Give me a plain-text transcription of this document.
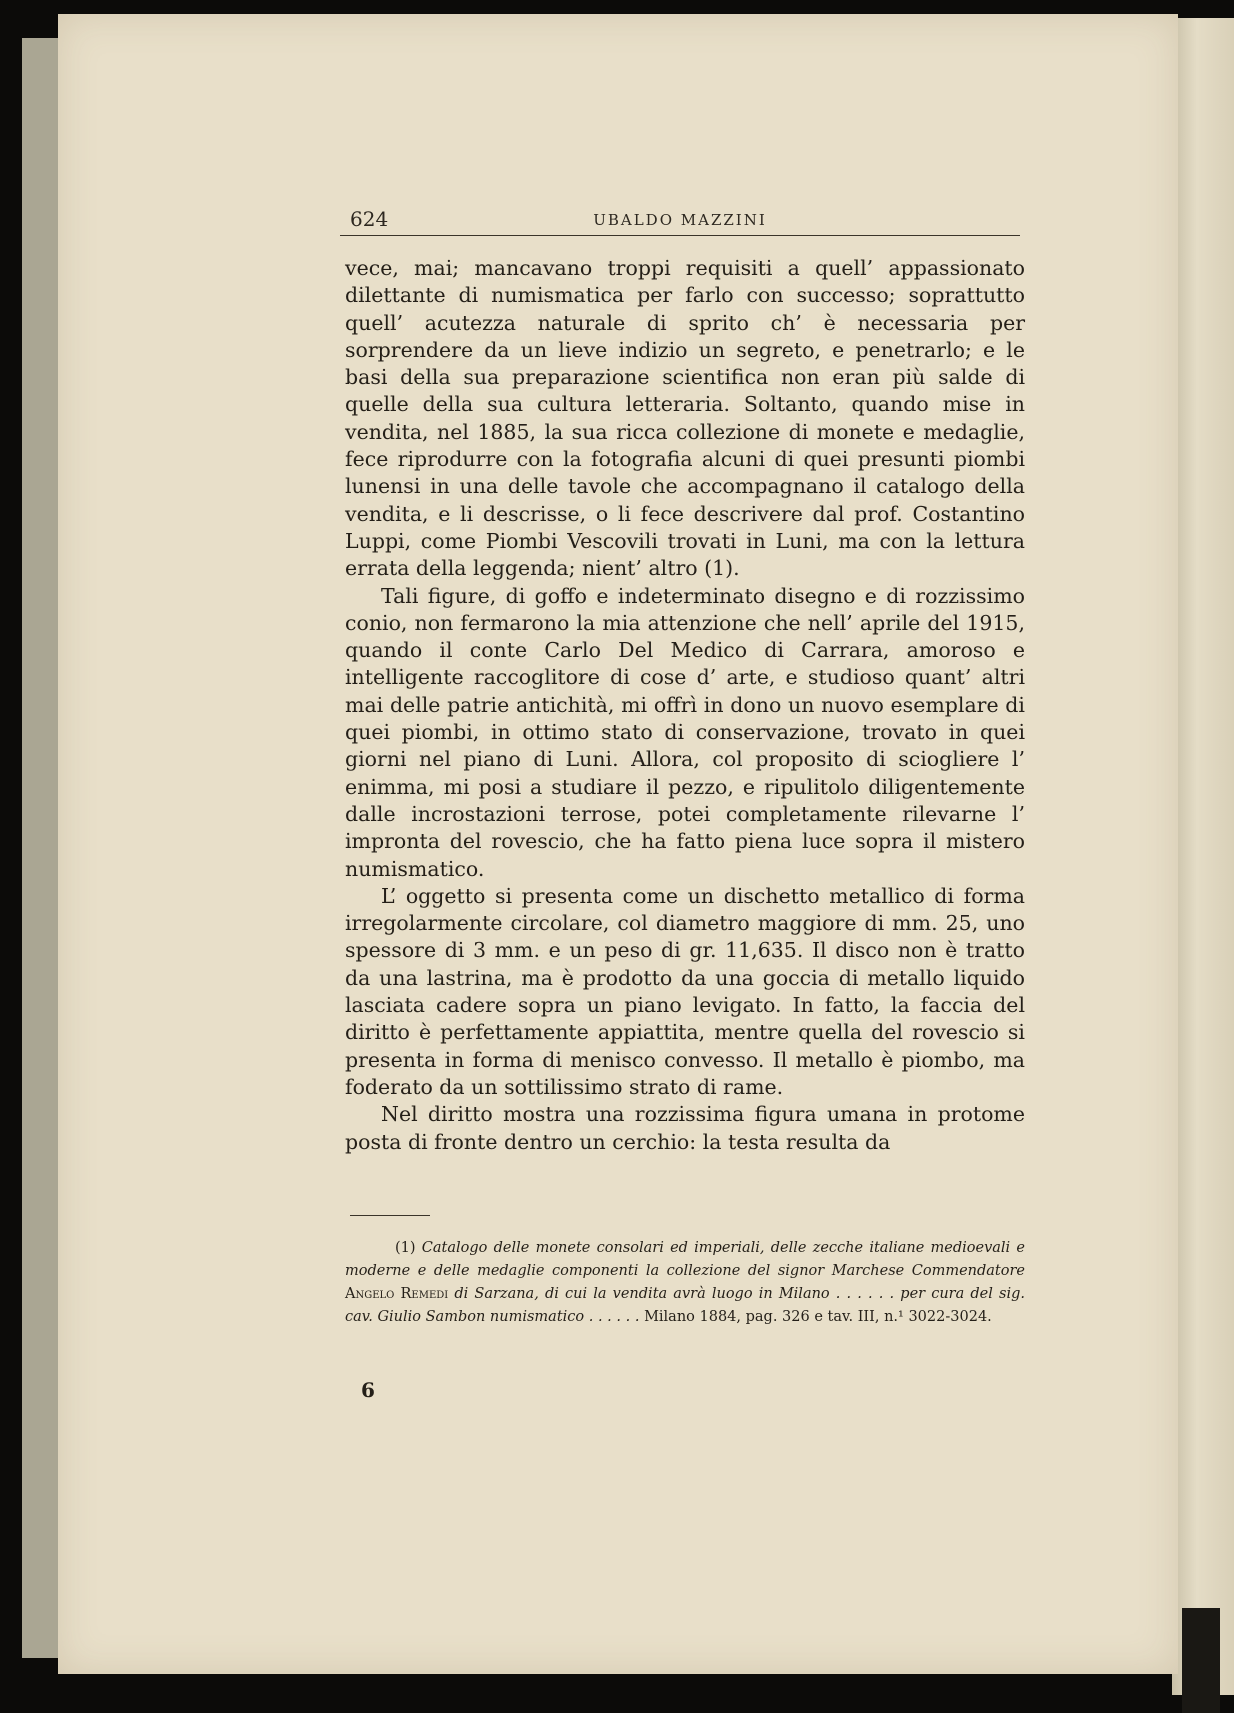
624	UBALDO MAZZINI

vece, mai; mancavano troppi requisiti a quell’ appassionato dilettante di numismatica per farlo con successo; soprattutto quell’ acutezza naturale di sprito ch’ è necessaria per sorprendere da un lieve indizio un segreto, e penetrarlo; e le basi della sua preparazione scientifica non eran più salde di quelle della sua cultura letteraria. Soltanto, quando mise in vendita, nel 1885, la sua ricca collezione di monete e medaglie, fece riprodurre con la fotografia alcuni di quei presunti piombi lunensi in una delle tavole che accompagnano il catalogo della vendita, e li descrisse, o li fece descrivere dal prof. Costantino Luppi, come Piombi Vescovili trovati in Luni, ma con la lettura errata della leggenda; nient’ altro (1).

Tali figure, di goffo e indeterminato disegno e di rozzissimo conio, non fermarono la mia attenzione che nell’ aprile del 1915, quando il conte Carlo Del Medico di Carrara, amoroso e intelligente raccoglitore di cose d’ arte, e studioso quant’ altri mai delle patrie antichità, mi offrì in dono un nuovo esemplare di quei piombi, in ottimo stato di conservazione, trovato in quei giorni nel piano di Luni. Allora, col proposito di sciogliere l’ enimma, mi posi a studiare il pezzo, e ripulitolo diligentemente dalle incrostazioni terrose, potei completamente rilevarne l’ impronta del rovescio, che ha fatto piena luce sopra il mistero numismatico.

L’ oggetto si presenta come un dischetto metallico di forma irregolarmente circolare, col diametro maggiore di mm. 25, uno spessore di 3 mm. e un peso di gr. 11,635. Il disco non è tratto da una lastrina, ma è prodotto da una goccia di metallo liquido lasciata cadere sopra un piano levigato. In fatto, la faccia del diritto è perfettamente appiattita, mentre quella del rovescio si presenta in forma di menisco convesso. Il metallo è piombo, ma foderato da un sottilissimo strato di rame.

Nel diritto mostra una rozzissima figura umana in protome posta di fronte dentro un cerchio: la testa resulta da

(1) Catalogo delle monete consolari ed imperiali, delle zecche italiane medioevali e moderne e delle medaglie componenti la collezione del signor Marchese Commendatore Angelo Remedi di Sarzana, di cui la vendita avrà luogo in Milano . . . . . . per cura del sig. cav. Giulio Sambon numismatico . . . . . . Milano 1884, pag. 326 e tav. III, n.¹ 3022-3024.
6
